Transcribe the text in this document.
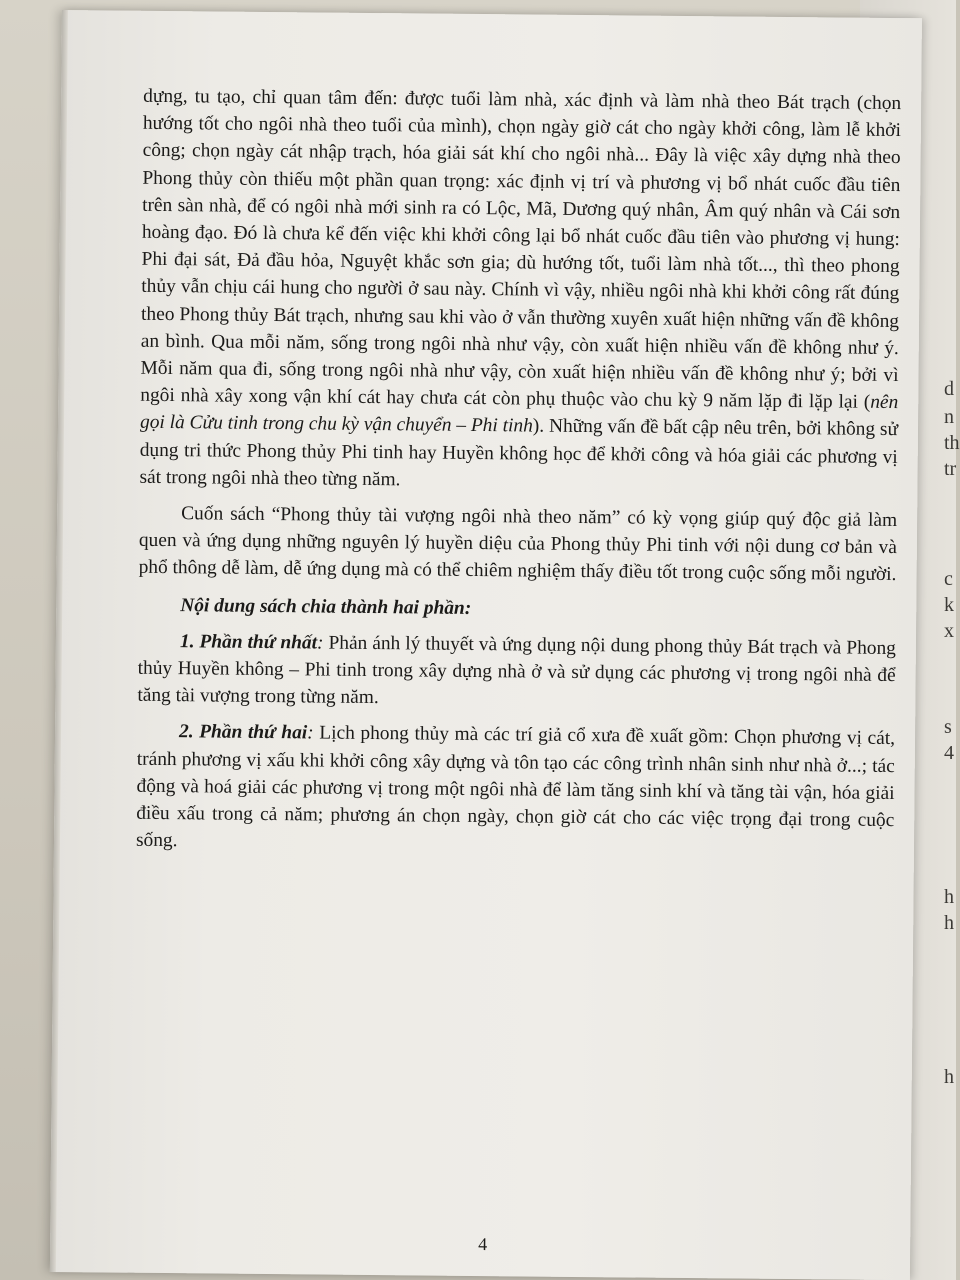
d
n
th
tr
c
k
x
s
4
h
h
h

dựng, tu tạo, chỉ quan tâm đến: được tuổi làm nhà, xác định và làm nhà theo Bát trạch (chọn hướng tốt cho ngôi nhà theo tuổi của mình), chọn ngày giờ cát cho ngày khởi công, làm lễ khởi công; chọn ngày cát nhập trạch, hóa giải sát khí cho ngôi nhà... Đây là việc xây dựng nhà theo Phong thủy còn thiếu một phần quan trọng: xác định vị trí và phương vị bổ nhát cuốc đầu tiên trên sàn nhà, để có ngôi nhà mới sinh ra có Lộc, Mã, Dương quý nhân, Âm quý nhân và Cái sơn hoàng đạo. Đó là chưa kể đến việc khi khởi công lại bổ nhát cuốc đầu tiên vào phương vị hung: Phi đại sát, Đả đầu hỏa, Nguyệt khắc sơn gia; dù hướng tốt, tuổi làm nhà tốt..., thì theo phong thủy vẫn chịu cái hung cho người ở sau này. Chính vì vậy, nhiều ngôi nhà khi khởi công rất đúng theo Phong thủy Bát trạch, nhưng sau khi vào ở vẫn thường xuyên xuất hiện những vấn đề không an bình. Qua mỗi năm, sống trong ngôi nhà như vậy, còn xuất hiện nhiều vấn đề không như ý. Mỗi năm qua đi, sống trong ngôi nhà như vậy, còn xuất hiện nhiều vấn đề không như ý; bởi vì ngôi nhà xây xong vận khí cát hay chưa cát còn phụ thuộc vào chu kỳ 9 năm lặp đi lặp lại (nên gọi là Cửu tinh trong chu kỳ vận chuyển – Phi tinh). Những vấn đề bất cập nêu trên, bởi không sử dụng tri thức Phong thủy Phi tinh hay Huyền không học để khởi công và hóa giải các phương vị sát trong ngôi nhà theo từng năm.

Cuốn sách “Phong thủy tài vượng ngôi nhà theo năm” có kỳ vọng giúp quý độc giả làm quen và ứng dụng những nguyên lý huyền diệu của Phong thủy Phi tinh với nội dung cơ bản và phổ thông dễ làm, dễ ứng dụng mà có thể chiêm nghiệm thấy điều tốt trong cuộc sống mỗi người.

Nội dung sách chia thành hai phần:

1. Phần thứ nhất: Phản ánh lý thuyết và ứng dụng nội dung phong thủy Bát trạch và Phong thủy Huyền không – Phi tinh trong xây dựng nhà ở và sử dụng các phương vị trong ngôi nhà để tăng tài vượng trong từng năm.

2. Phần thứ hai: Lịch phong thủy mà các trí giả cổ xưa đề xuất gồm: Chọn phương vị cát, tránh phương vị xấu khi khởi công xây dựng và tôn tạo các công trình nhân sinh như nhà ở...; tác động và hoá giải các phương vị trong một ngôi nhà để làm tăng sinh khí và tăng tài vận, hóa giải điều xấu trong cả năm; phương án chọn ngày, chọn giờ cát cho các việc trọng đại trong cuộc sống.

4
